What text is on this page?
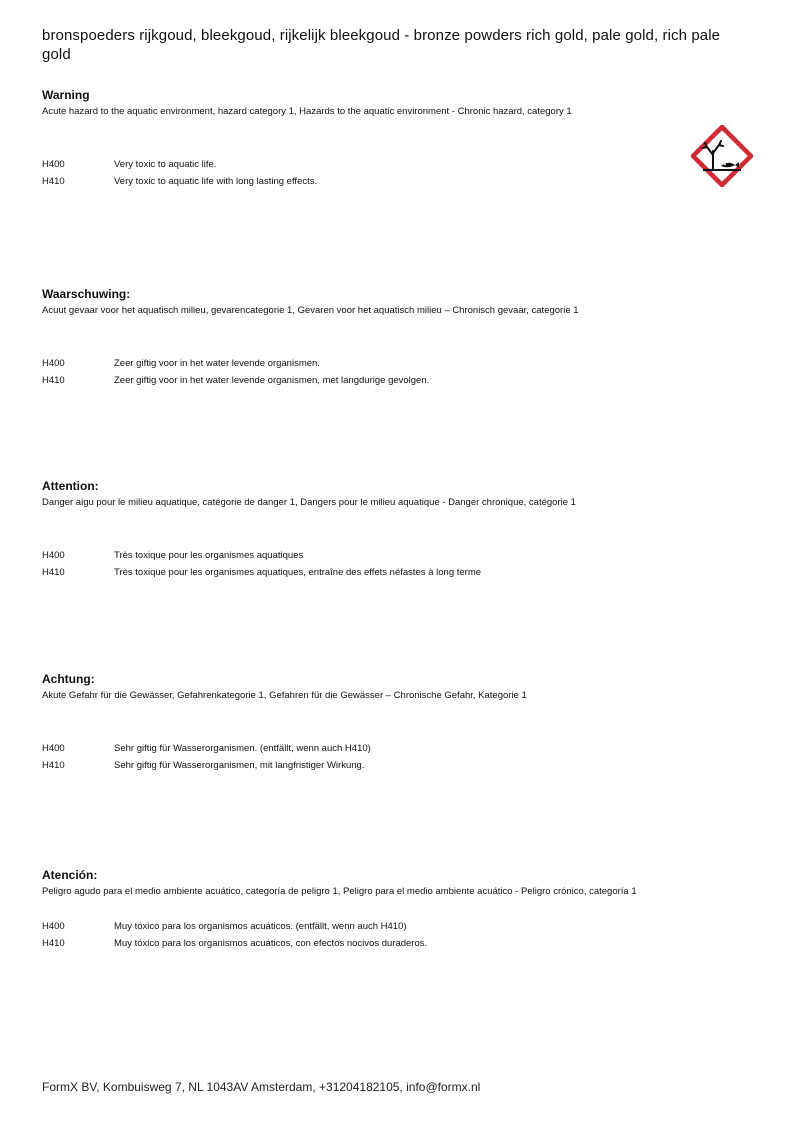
bronspoeders rijkgoud, bleekgoud, rijkelijk bleekgoud - bronze powders rich gold, pale gold, rich pale gold
Warning
Acute hazard to the aquatic environment, hazard category 1, Hazards to the aquatic environment - Chronic hazard, category 1
H400	Very toxic to aquatic life.
H410	Very toxic to aquatic life with long lasting effects.
Waarschuwing:
Acuut gevaar voor het aquatisch milieu, gevarencategorie 1, Gevaren voor het aquatisch milieu – Chronisch gevaar, categorie 1
H400	Zeer giftig voor in het water levende organismen.
H410	Zeer giftig voor in het water levende organismen, met langdurige gevolgen.
Attention:
Danger aigu pour le milieu aquatique, catégorie de danger 1, Dangers pour le milieu aquatique - Danger chronique, catégorie 1
H400	Très toxique pour les organismes aquatiques
H410	Très toxique pour les organismes aquatiques, entraîne des effets néfastes à long terme
Achtung:
Akute Gefahr für die Gewässer, Gefahrenkategorie 1, Gefahren für die Gewässer – Chronische Gefahr, Kategorie 1
H400	Sehr giftig für Wasserorganismen. (entfällt, wenn auch H410)
H410	Sehr giftig für Wasserorganismen, mit langfristiger Wirkung.
Atención:
Peligro agudo para el medio ambiente acuático, categoría de peligro 1, Peligro para el medio ambiente acuático - Peligro crónico, categoría 1
H400	Muy tóxico para los organismos acuáticos. (entfällt, wenn auch H410)
H410	Muy tóxico para los organismos acuáticos, con efectos nocivos duraderos.
FormX BV, Kombuisweg 7, NL 1043AV Amsterdam, +31204182105, info@formx.nl
